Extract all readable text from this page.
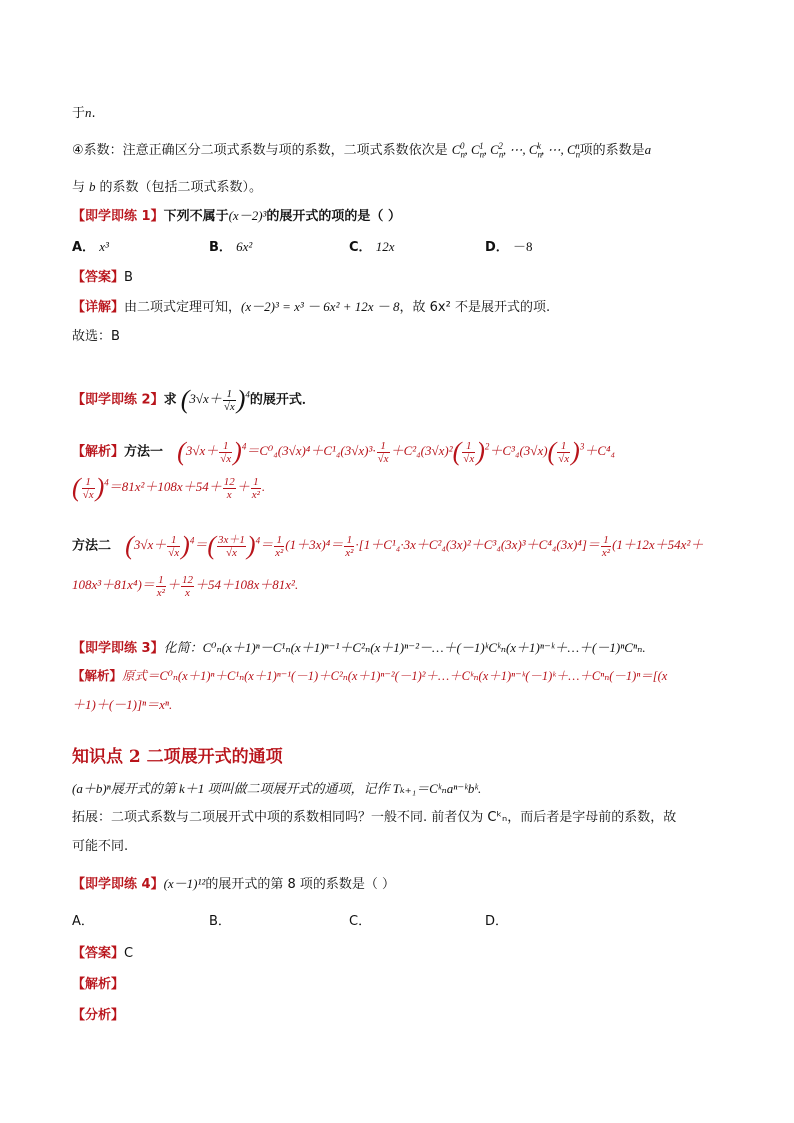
于n.
④系数：注意正确区分二项式系数与项的系数，二项式系数依次是 $C_n^0$, $C_n^1$, $C_n^2$, ⋯, $C_n^k$, ⋯, $C_n^n$项的系数是a
与 b 的系数（包括二项式系数）。
【即学即练 1】下列不属于(x－2)³的展开式的项的是（ ）
A． x³	B． 6x²	C． 12x	D． －8
【答案】B
【详解】由二项式定理可知，(x－2)³ = x³ － 6x² + 12x － 8，故 6x² 不是展开式的项.
故选：B
【即学即练 2】求 $(3√x+ \frac{1}{√x} )^4$的展开式．
【解析】方法一 $(3√x+ \frac{1}{√x} )^4=C^0_4(3√x)^4+C^1_4(3√x)^3\cdot \frac{1}{√x} +C^2_4(3√x)^2( \frac{1}{√x} )^2+C^3_4(3√x)( \frac{1}{√x} )^3+C^4_4$
( $\frac{1}{√x} )^4=81x^2+108x+54+ \frac{12}{x} + \frac{1}{\text{x²}}$ .
方法二 $(3√x+ \frac{1}{√x} )^4=( \frac{3x+1}{√x} )^4= \frac{1}{\text{x²}} (1+3x)^4= \frac{1}{\text{x²}} \cdot[1+C^1_4\cdot 3x+C^2_4(3x)^2+C^3_4(3x)^3+C^4_4(3x)^4]= \frac{1}{\text{x²}} (1+12x+54x^2+$
$108x^3+81x^4)= \frac{1}{\text{x²}} + \frac{12}{x} +54+108x+81x^2$.
【即学即练 3】化简：C⁰ₙ(x＋1)ⁿ－C¹ₙ(x＋1)ⁿ⁻¹＋C²ₙ(x＋1)ⁿ⁻²－…＋(－1)ᵏCᵏₙ(x＋1)ⁿ⁻ᵏ＋…＋(－1)ⁿCⁿₙ.
【解析】原式＝C⁰ₙ(x＋1)ⁿ＋C¹ₙ(x＋1)ⁿ⁻¹(－1)＋C²ₙ(x＋1)ⁿ⁻²(－1)²＋…＋Cᵏₙ(x＋1)ⁿ⁻ᵏ(－1)ᵏ＋…＋Cⁿₙ(－1)ⁿ＝[(x
＋1)＋(－1)]ⁿ＝xⁿ.
知识点 2 二项展开式的通项
(a＋b)ⁿ展开式的第 k＋1 项叫做二项展开式的通项，记作 Tₖ₊₁＝Cᵏₙaⁿ⁻ᵏbᵏ.
拓展：二项式系数与二项展开式中项的系数相同吗？一般不同. 前者仅为 Cᵏₙ，而后者是字母前的系数，故
可能不同.
【即学即练 4】(x－1)¹²的展开式的第 8 项的系数是（ ）
A．	B．	C．	D．
【答案】C
【解析】
【分析】
